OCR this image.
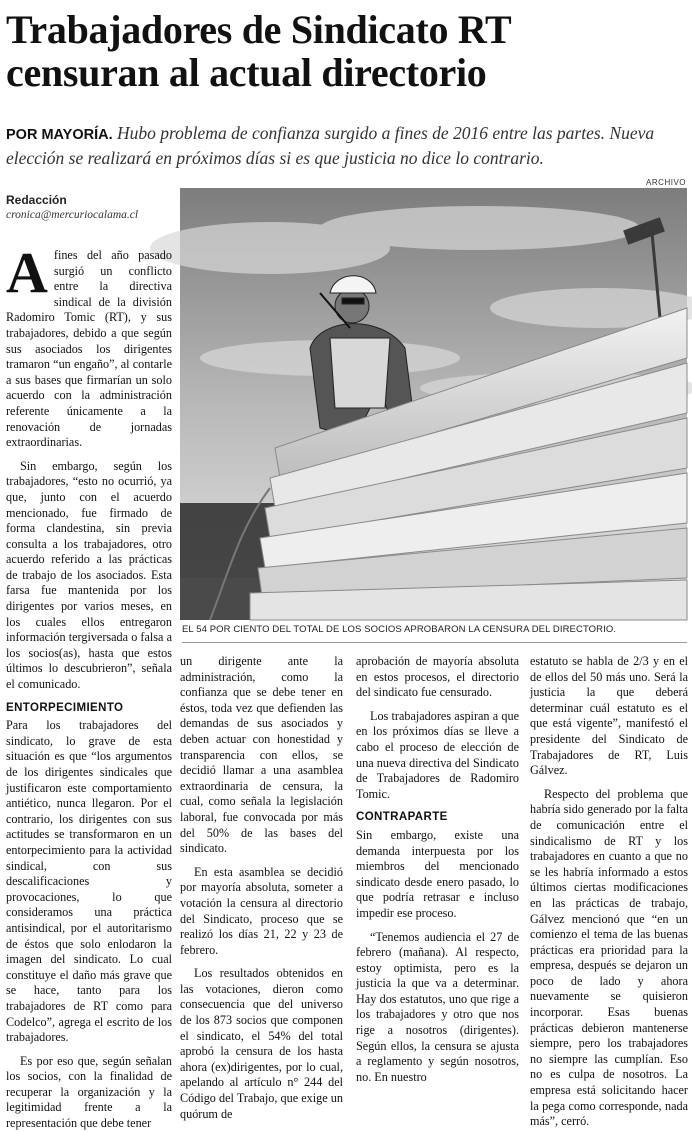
Trabajadores de Sindicato RT
censuran al actual directorio
POR MAYORÍA. Hubo problema de confianza surgido a fines de 2016 entre las partes. Nueva elección se realizará en próximos días si es que justicia no dice lo contrario.
Redacción
cronica@mercuriocalama.cl
ARCHIVO
EL 54 POR CIENTO DEL TOTAL DE LOS SOCIOS APROBARON LA CENSURA DEL DIRECTORIO.

A fines del año pasado surgió un conflicto entre la directiva sindical de la división Radomiro Tomic (RT), y sus trabajadores, debido a que según sus asociados los dirigentes tramaron “un engaño”, al contarle a sus bases que firmarían un solo acuerdo con la administración referente únicamente a la renovación de jornadas extraordinarias.

Sin embargo, según los trabajadores, “esto no ocurrió, ya que, junto con el acuerdo mencionado, fue firmado de forma clandestina, sin previa consulta a los trabajadores, otro acuerdo referido a las prácticas de trabajo de los asociados. Esta farsa fue mantenida por los dirigentes por varios meses, en los cuales ellos entregaron información tergiversada o falsa a los socios(as), hasta que estos últimos lo descubrieron”, señala el comunicado.

ENTORPECIMIENTO

Para los trabajadores del sindicato, lo grave de esta situación es que “los argumentos de los dirigentes sindicales que justificaron este comportamiento antiético, nunca llegaron. Por el contrario, los dirigentes con sus actitudes se transformaron en un entorpecimiento para la actividad sindical, con sus descalificaciones y provocaciones, lo que consideramos una práctica antisindical, por el autoritarismo de éstos que solo enlodaron la imagen del sindicato. Lo cual constituye el daño más grave que se hace, tanto para los trabajadores de RT como para Codelco”, agrega el escrito de los trabajadores.

Es por eso que, según señalan los socios, con la finalidad de recuperar la organización y la legitimidad frente a la representación que debe tener

un dirigente ante la administración, como la confianza que se debe tener en éstos, toda vez que defienden las demandas de sus asociados y deben actuar con honestidad y transparencia con ellos, se decidió llamar a una asamblea extraordinaria de censura, la cual, como señala la legislación laboral, fue convocada por más del 50% de las bases del sindicato.

En esta asamblea se decidió por mayoría absoluta, someter a votación la censura al directorio del Sindicato, proceso que se realizó los días 21, 22 y 23 de febrero.

Los resultados obtenidos en las votaciones, dieron como consecuencia que del universo de los 873 socios que componen el sindicato, el 54% del total aprobó la censura de los hasta ahora (ex)dirigentes, por lo cual, apelando al artículo n° 244 del Código del Trabajo, que exige un quórum de

aprobación de mayoría absoluta en estos procesos, el directorio del sindicato fue censurado.

Los trabajadores aspiran a que en los próximos días se lleve a cabo el proceso de elección de una nueva directiva del Sindicato de Trabajadores de Radomiro Tomic.

CONTRAPARTE

Sin embargo, existe una demanda interpuesta por los miembros del mencionado sindicato desde enero pasado, lo que podría retrasar e incluso impedir ese proceso.

“Tenemos audiencia el 27 de febrero (mañana). Al respecto, estoy optimista, pero es la justicia la que va a determinar. Hay dos estatutos, uno que rige a los trabajadores y otro que nos rige a nosotros (dirigentes). Según ellos, la censura se ajusta a reglamento y según nosotros, no. En nuestro

estatuto se habla de 2/3 y en el de ellos del 50 más uno. Será la justicia la que deberá determinar cuál estatuto es el que está vigente”, manifestó el presidente del Sindicato de Trabajadores de RT, Luis Gálvez.

Respecto del problema que habría sido generado por la falta de comunicación entre el sindicalismo de RT y los trabajadores en cuanto a que no se les habría informado a estos últimos ciertas modificaciones en las prácticas de trabajo, Gálvez mencionó que “en un comienzo el tema de las buenas prácticas era prioridad para la empresa, después se dejaron un poco de lado y ahora nuevamente se quisieron incorporar. Esas buenas prácticas debieron mantenerse siempre, pero los trabajadores no siempre las cumplían. Eso no es culpa de nosotros. La empresa está solicitando hacer la pega como corresponde, nada más”, cerró.
